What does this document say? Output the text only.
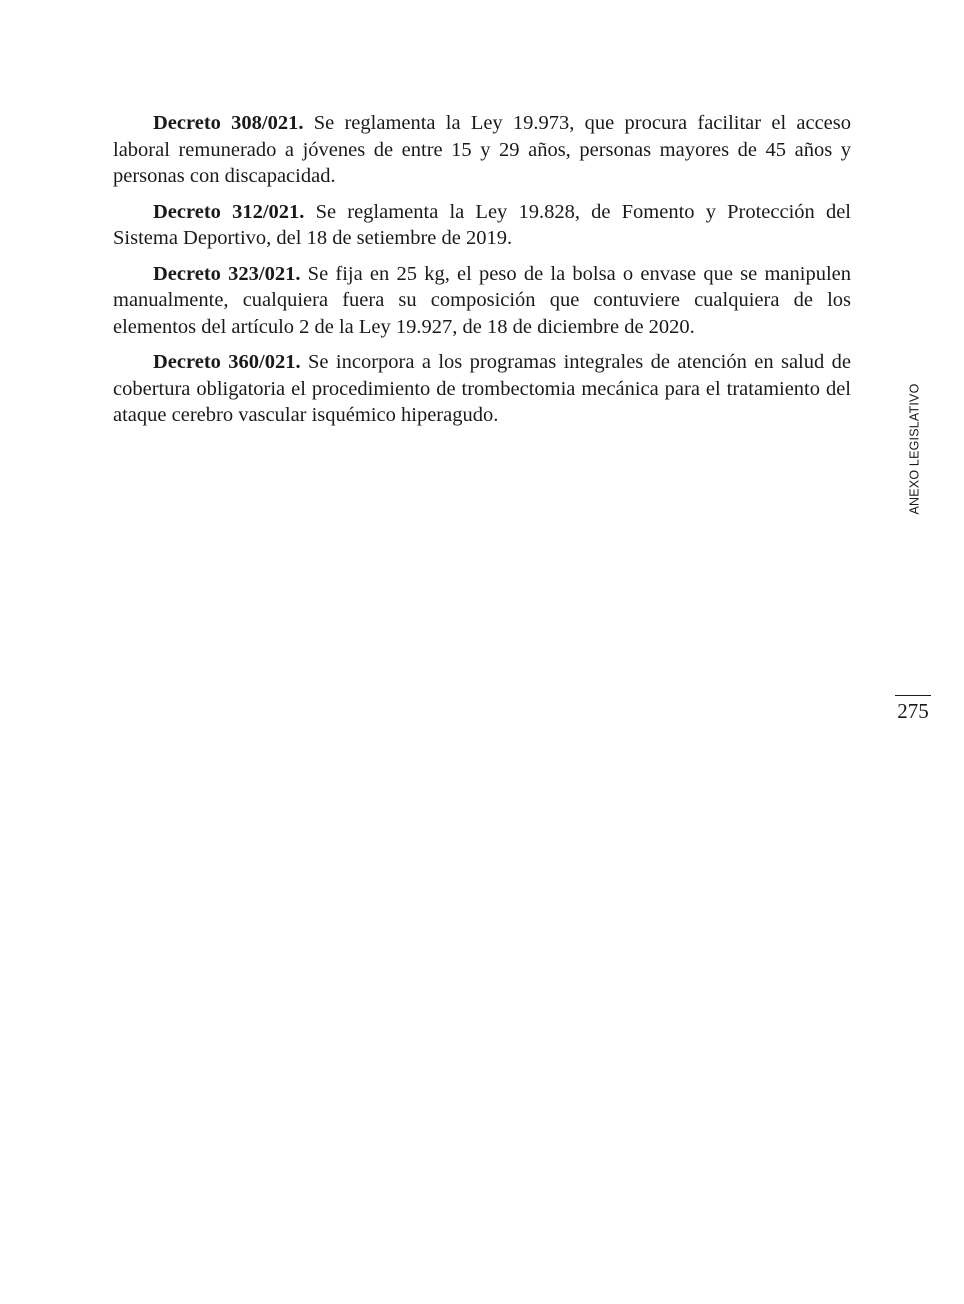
Decreto 308/021. Se reglamenta la Ley 19.973, que procura facilitar el acceso laboral remunerado a jóvenes de entre 15 y 29 años, personas mayores de 45 años y personas con discapacidad.

Decreto 312/021. Se reglamenta la Ley 19.828, de Fomento y Protección del Sistema Deportivo, del 18 de setiembre de 2019.

Decreto 323/021. Se fija en 25 kg, el peso de la bolsa o envase que se manipulen manualmente, cualquiera fuera su composición que contuviere cualquiera de los elementos del artículo 2 de la Ley 19.927, de 18 de diciembre de 2020.

Decreto 360/021. Se incorpora a los programas integrales de atención en salud de cobertura obligatoria el procedimiento de trombectomia mecánica para el tratamiento del ataque cerebro vascular isquémico hiperagudo.	ANEXO LEGISLATIVO
275
